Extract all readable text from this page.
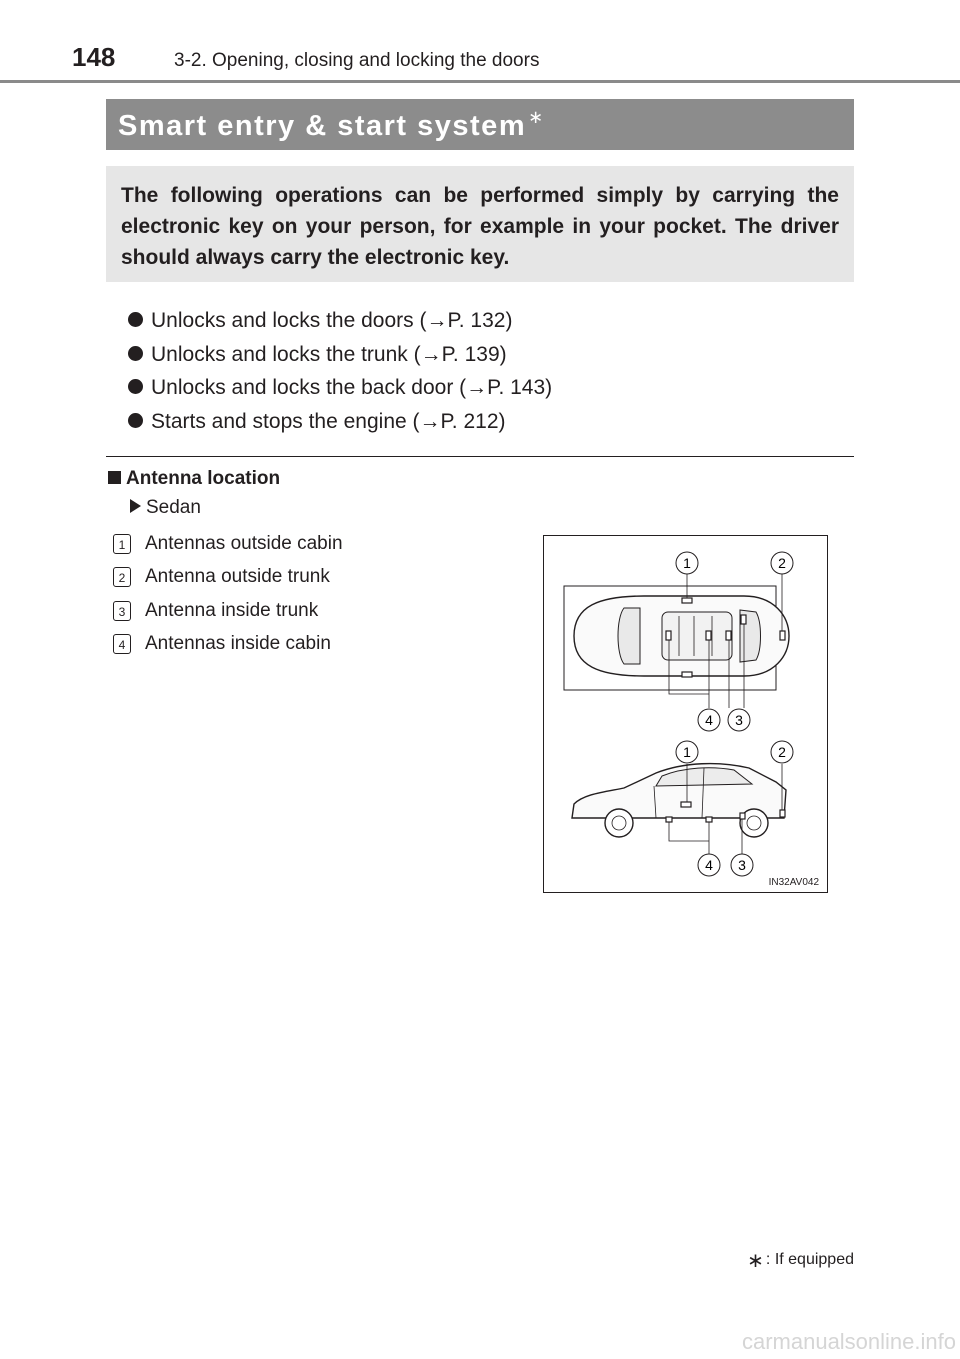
148	3-2. Opening, closing and locking the doors
Smart entry & start system ∗
The following operations can be performed simply by carrying the electronic key on your person, for example in your pocket. The driver should always carry the electronic key.
Unlocks and locks the doors (→P. 132)
Unlocks and locks the trunk (→P. 139)
Unlocks and locks the back door (→P. 143)
Starts and stops the engine (→P. 212)
Antenna location
Sedan
1 Antennas outside cabin
2 Antenna outside trunk
3 Antenna inside trunk
4 Antennas inside cabin
1	2
4 3
1	2
4 3
IN32AV042
∗ : If equipped
carmanualsonline.info
